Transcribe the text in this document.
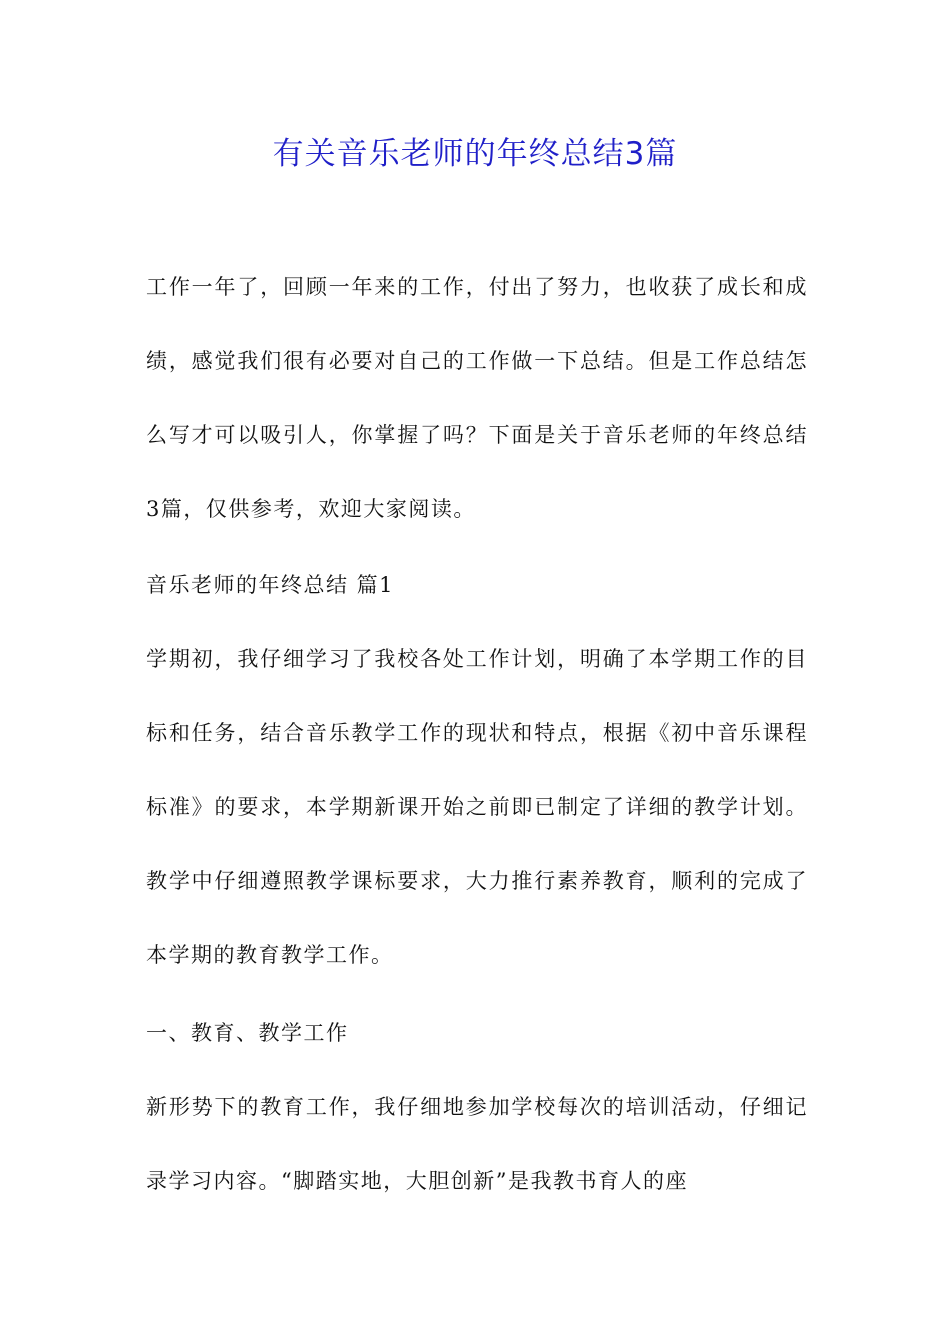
有关音乐老师的年终总结3篇

工作一年了，回顾一年来的工作，付出了努力，也收获了成长和成绩，感觉我们很有必要对自己的工作做一下总结。但是工作总结怎么写才可以吸引人，你掌握了吗？下面是关于音乐老师的年终总结3篇，仅供参考，欢迎大家阅读。

音乐老师的年终总结 篇1

学期初，我仔细学习了我校各处工作计划，明确了本学期工作的目标和任务，结合音乐教学工作的现状和特点，根据《初中音乐课程标准》的要求，本学期新课开始之前即已制定了详细的教学计划。教学中仔细遵照教学课标要求，大力推行素养教育，顺利的完成了本学期的教育教学工作。

一、教育、教学工作

新形势下的教育工作，我仔细地参加学校每次的培训活动，仔细记录学习内容。“脚踏实地，大胆创新”是我教书育人的座
